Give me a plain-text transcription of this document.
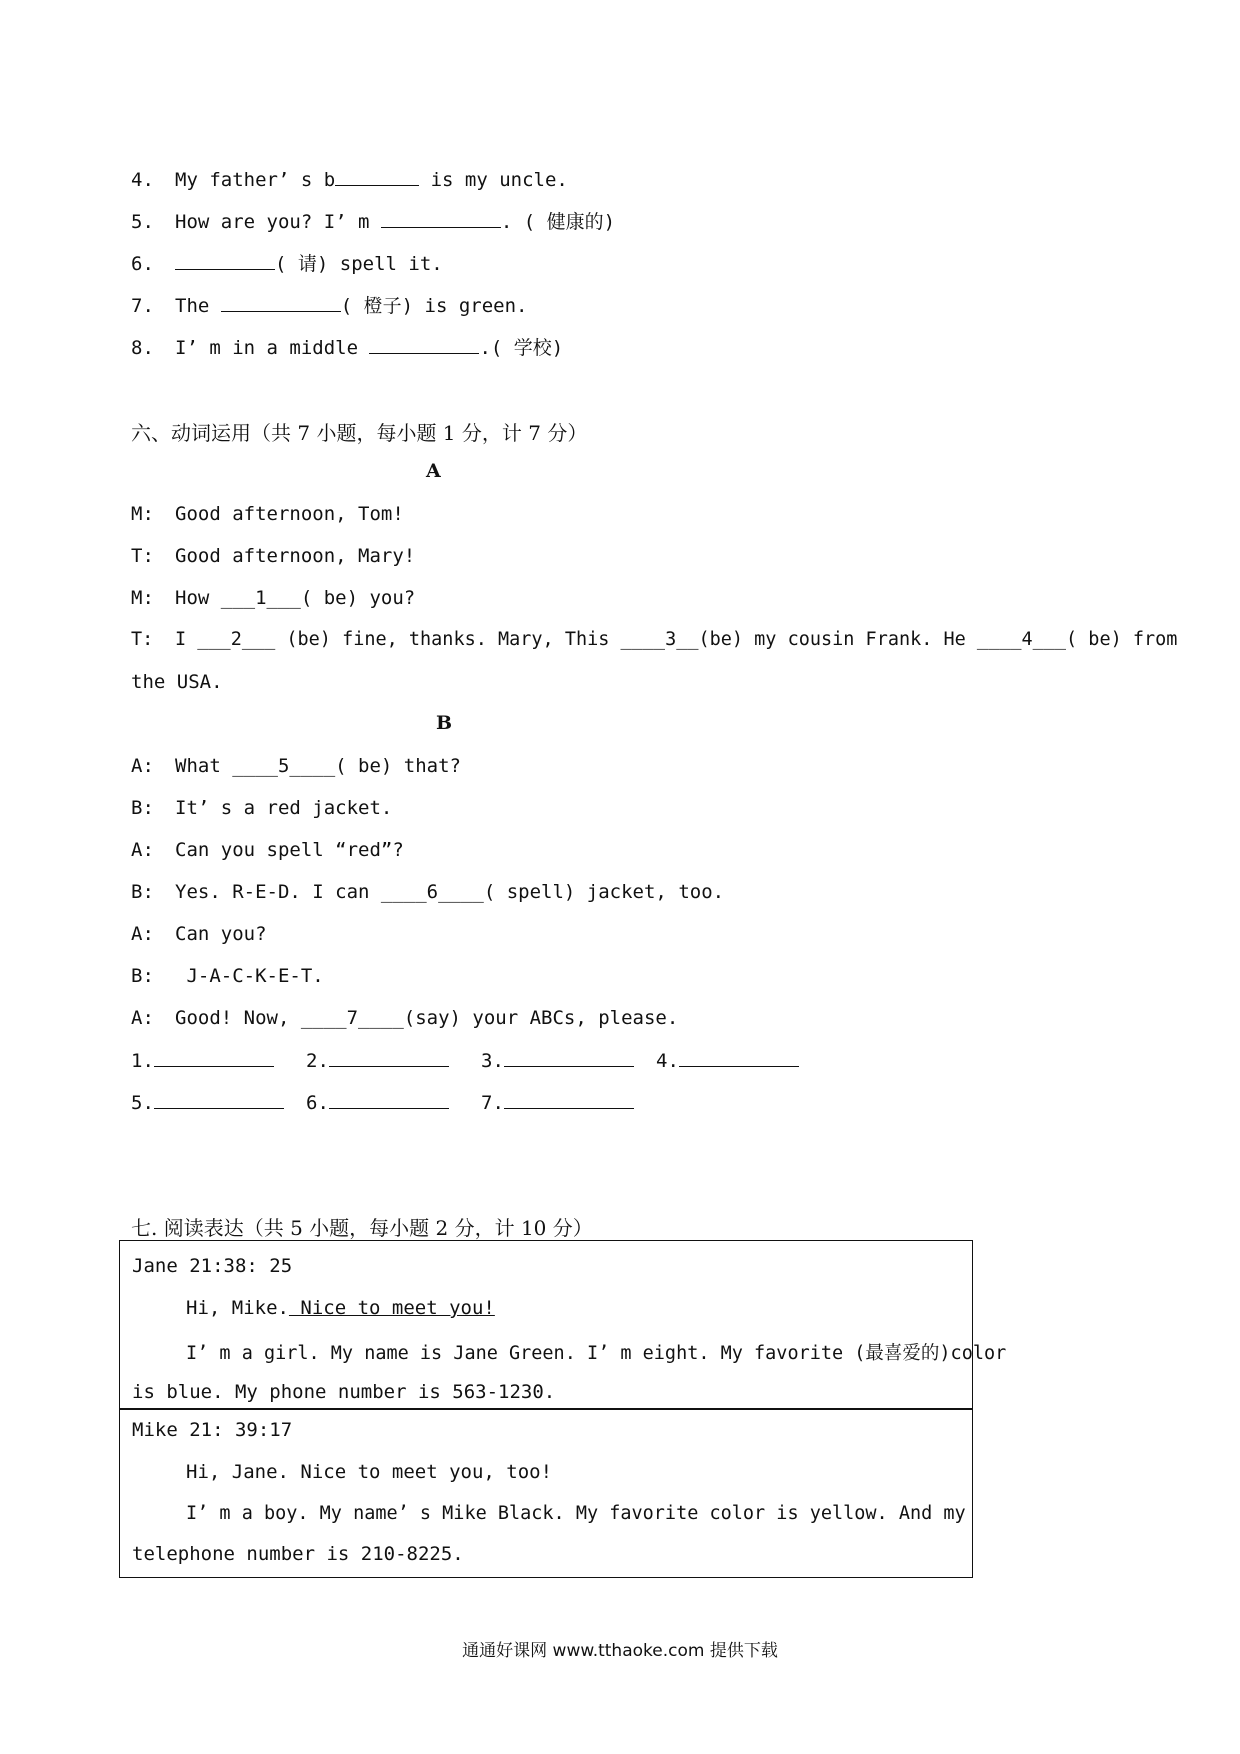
4. My father’ s b	is my uncle.
5. How are you? I’ m	. ( 健康的)
6.	( 请) spell it.
7. The	( 橙子) is green.
8. I’ m in a middle	.( 学校)
六、动词运用（共 7 小题，每小题 1 分，计 7 分）
A
M: Good afternoon, Tom!
T: Good afternoon, Mary!
M: How ___1___( be) you?
T: I ___2___ (be) fine, thanks. Mary, This ____3__(be) my cousin Frank. He ____4___( be) from
the USA.
B
A: What ____5____( be) that?
B: It’ s a red jacket.
A: Can you spell “red”?
B: Yes. R-E-D. I can ____6____( spell) jacket, too.
A: Can you?
B: J-A-C-K-E-T.
A: Good! Now, ____7____(say) your ABCs, please.
1.	2.	3.	4.
5.	6.	7.
七. 阅读表达（共 5 小题，每小题 2 分，计 10 分）
Jane 21:38: 25
Hi, Mike. Nice to meet you!
I’ m a girl. My name is Jane Green. I’ m eight. My favorite (最喜爱的)color
is blue. My phone number is 563-1230.
Mike 21: 39:17
Hi, Jane. Nice to meet you, too!
I’ m a boy. My name’ s Mike Black. My favorite color is yellow. And my
telephone number is 210-8225.
通通好课网 www.tthaoke.com 提供下载
